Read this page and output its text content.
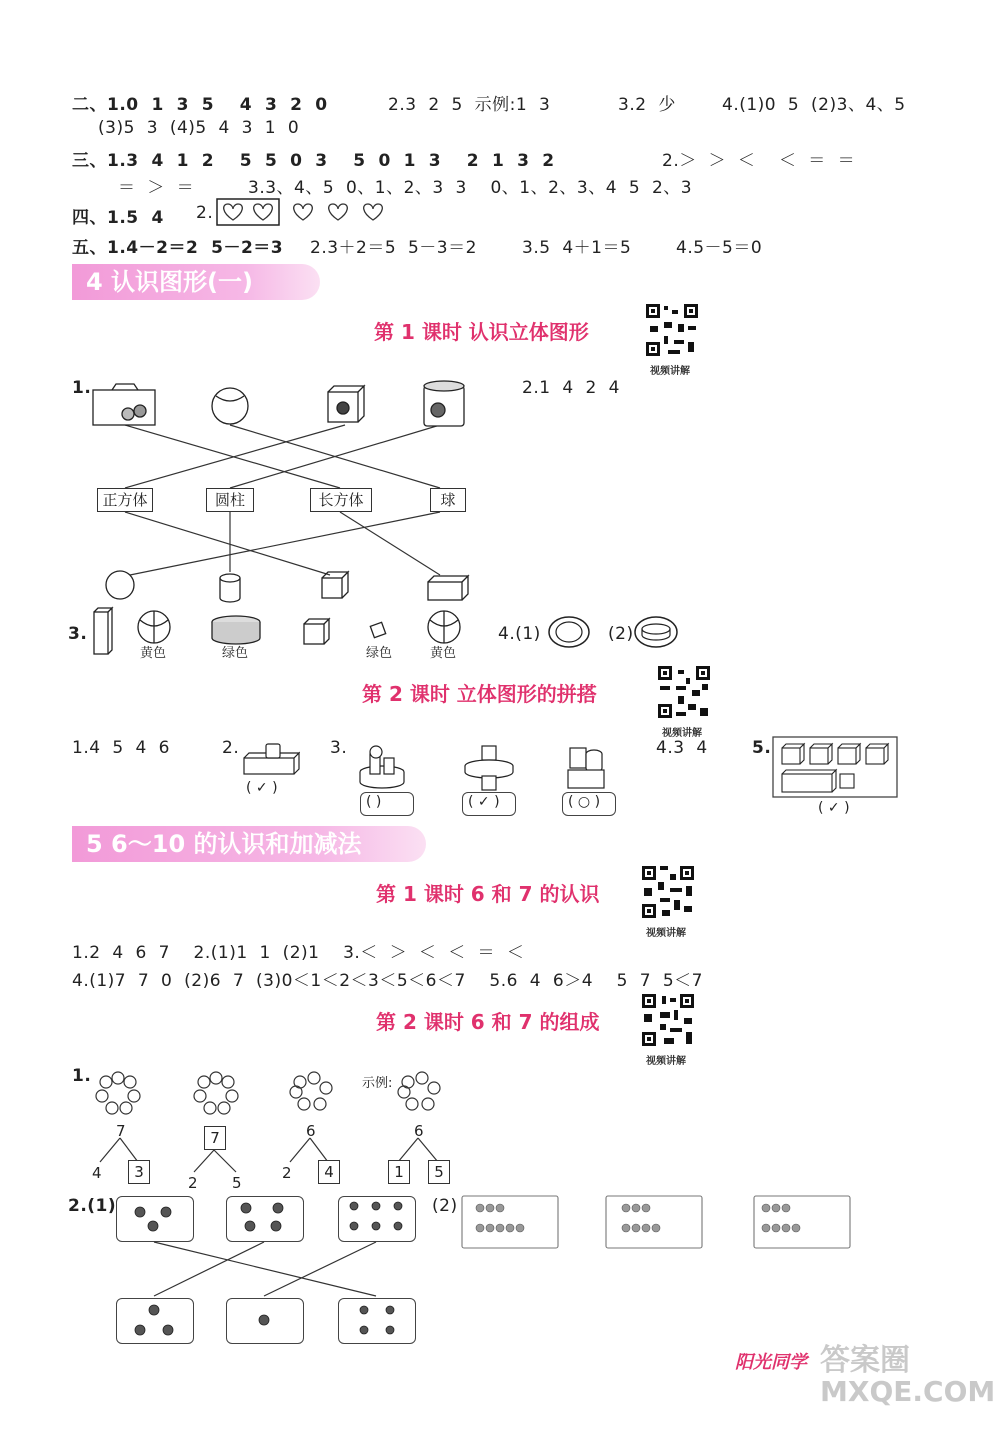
二、1.0  1  3  5    4  3  2  0	2.3  2  5  示例:1  3	3.2  少	4.(1)0  5  (2)3、4、5
(3)5  3  (4)5  4  3  1  0
三、1.3  4  1  2    5  5  0  3    5  0  1  3    2  1  3  2	2.＞  ＞  ＜    ＜  ＝  ＝
＝  ＞  ＝	3.3、4、5  0、1、2、3  3    0、1、2、3、4  5  2、3
四、1.5  4 2.
五、1.4－2＝2  5－2＝3 2.3＋2＝5  5－3＝2	3.5  4＋1＝5	4.5－5＝0
4 认识图形(一)
第 1 课时 认识立体图形
视频讲解
1.	2.1  4  2  4
正方体	圆柱	长方体	球
3.
黄色	绿色	绿色	黄色
4.(1)	(2)
第 2 课时 立体图形的拼搭
视频讲解
1.4  5  4  6	2.
( ✓ )
3.
( )	( ✓ )	( ○ )
4.3  4	5.
( ✓ )
5 6～10 的认识和加减法
第 1 课时 6 和 7 的认识
视频讲解
1.2  4  6  7    2.(1)1  1  (2)1    3.＜  ＞  ＜  ＜  ＝  ＜
4.(1)7  7  0  (2)6  7  (3)0＜1＜2＜3＜5＜6＜7    5.6  4  6＞4    5  7  5＜7
第 2 课时 6 和 7 的组成
视频讲解
1.	示例:
7	7	6	6
4	3
2 5
2	4	1	5
2.(1)	(2)
阳光同学 答案圈
MXQE.COM
